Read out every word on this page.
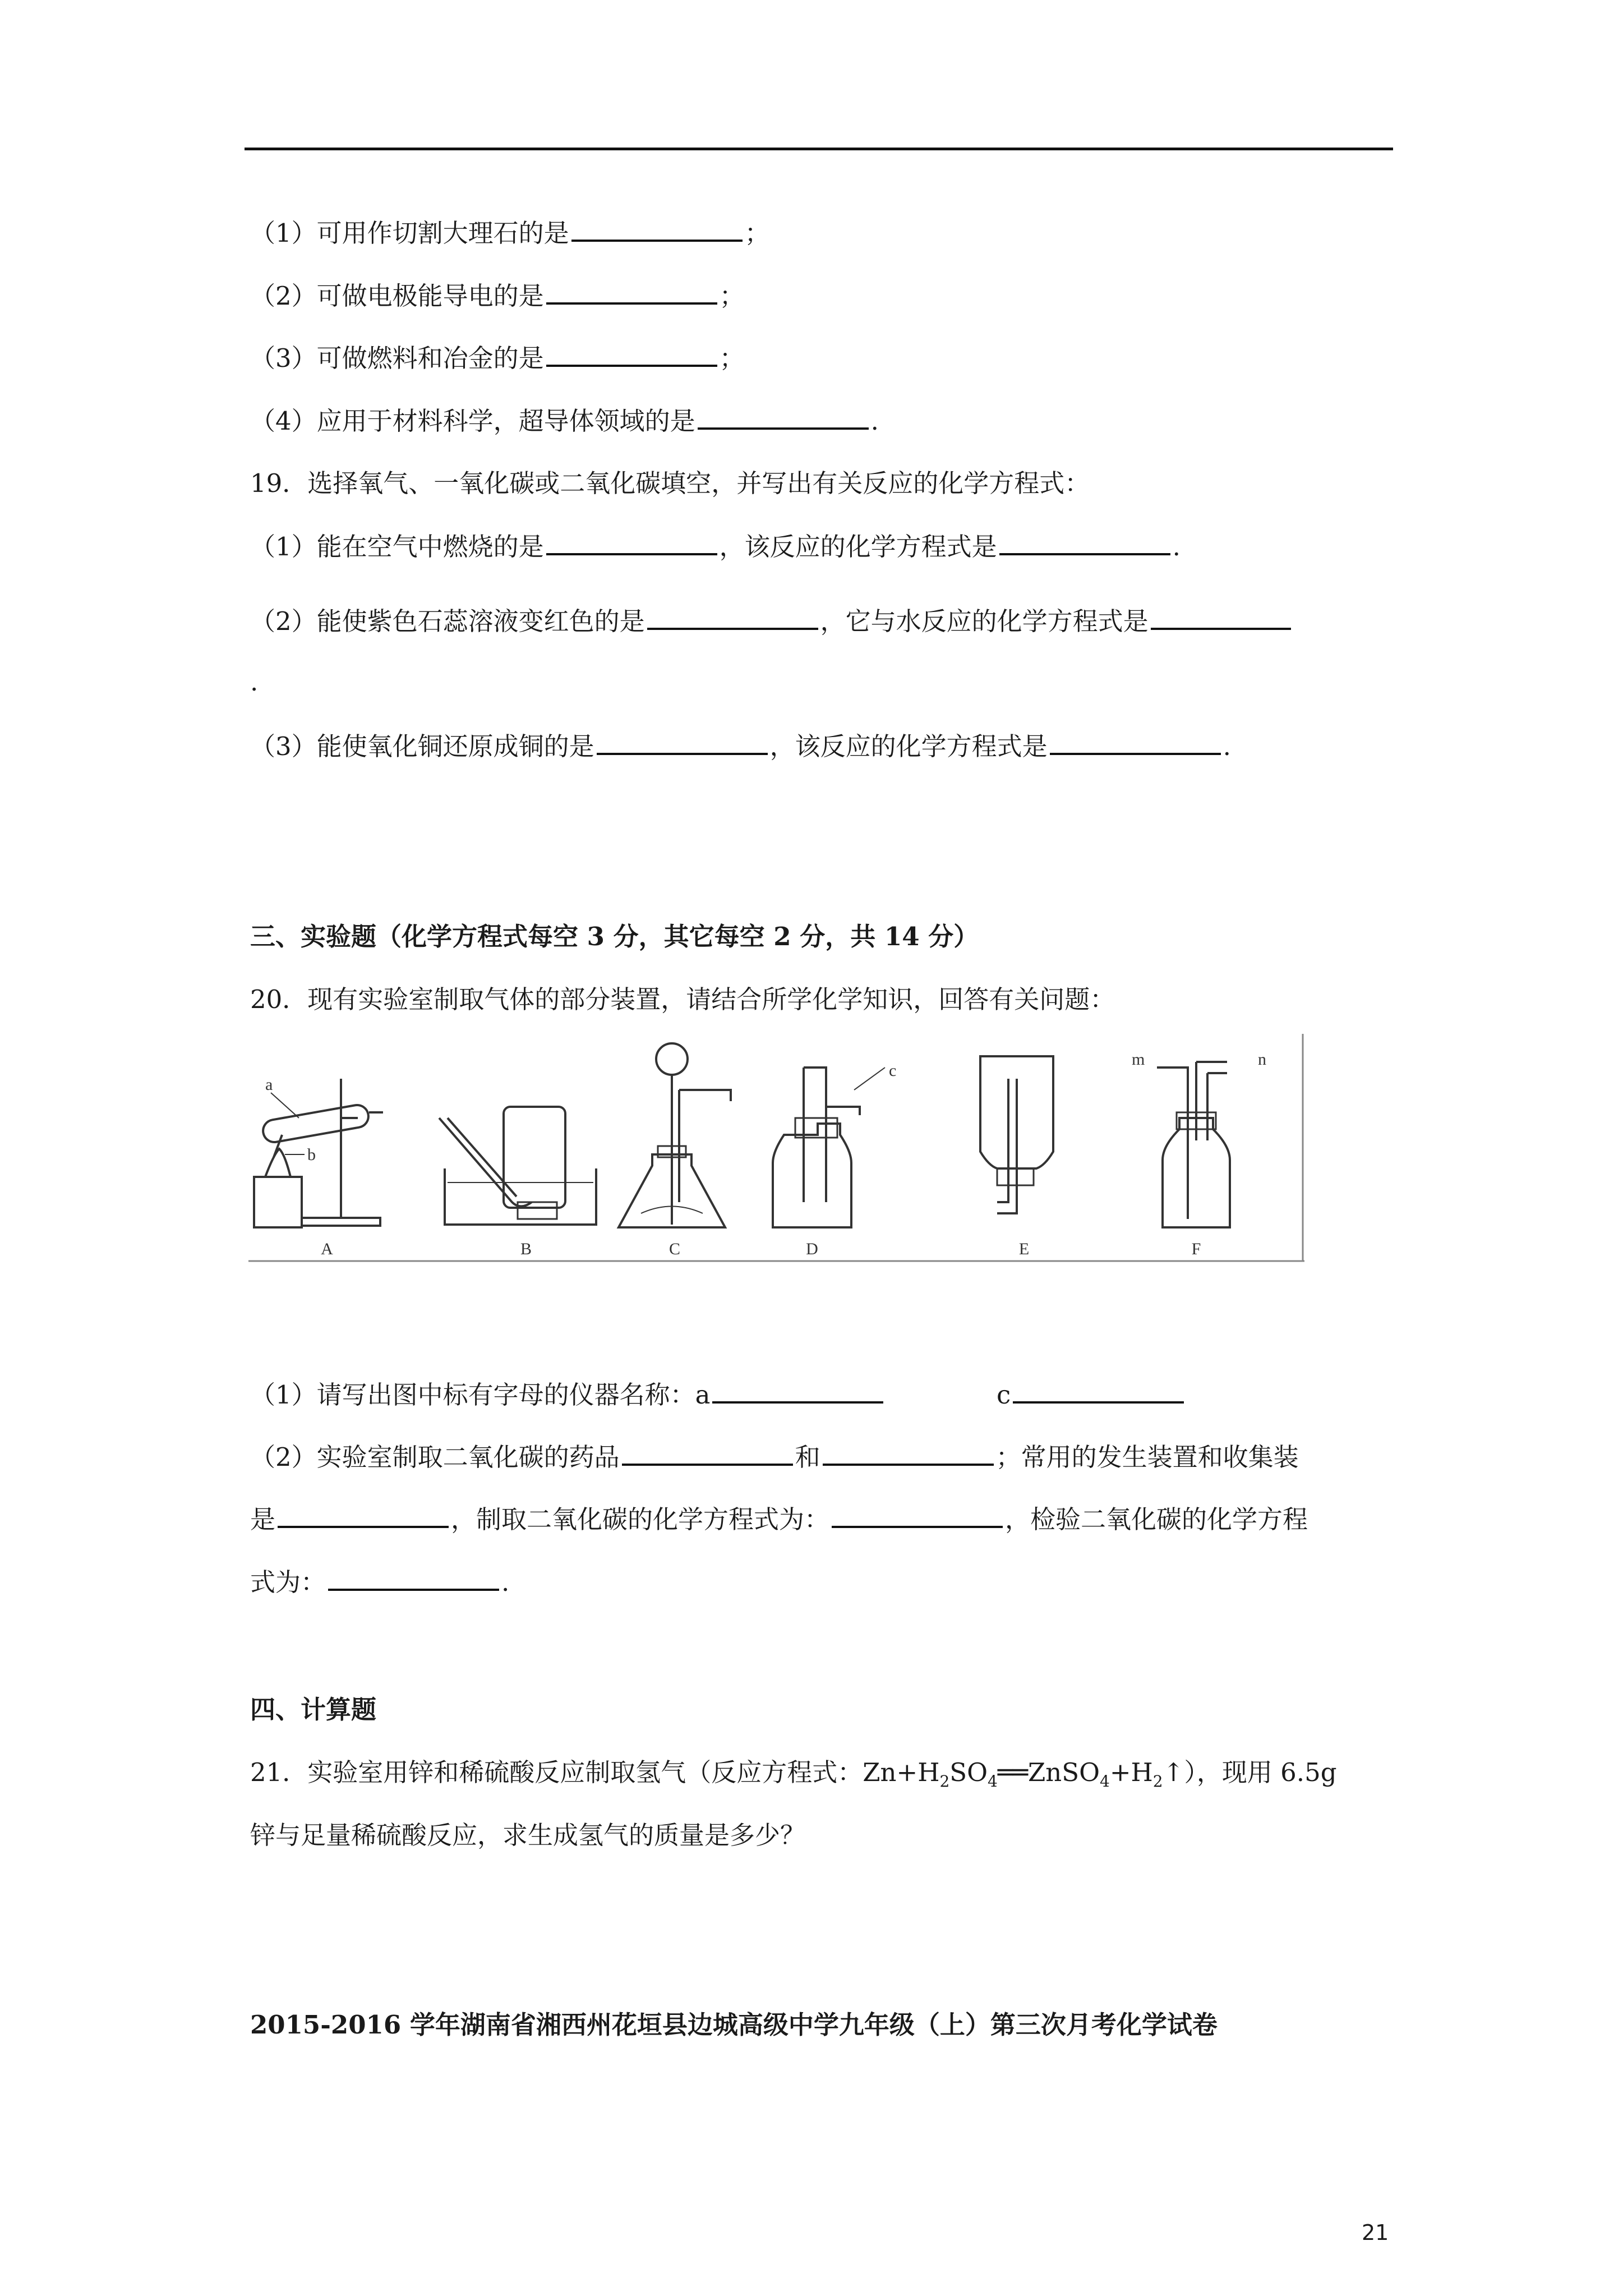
（1）可用作切割大理石的是	；
（2）可做电极能导电的是	；
（3）可做燃料和冶金的是	；
（4）应用于材料科学，超导体领域的是	.
19．选择氧气、一氧化碳或二氧化碳填空，并写出有关反应的化学方程式：
（1）能在空气中燃烧的是	，该反应的化学方程式是	.
（2）能使紫色石蕊溶液变红色的是	，它与水反应的化学方程式是
.
（3）能使氧化铜还原成铜的是	，该反应的化学方程式是	.
三、实验题（化学方程式每空 3 分，其它每空 2 分，共 14 分）
20．现有实验室制取气体的部分装置，请结合所学化学知识，回答有关问题：
a
b
c
m	n
A	B	C	D	E	F
（1）请写出图中标有字母的仪器名称：a	c
（2）实验室制取二氧化碳的药品	和	；常用的发生装置和收集装
是	，制取二氧化碳的化学方程式为：	，检验二氧化碳的化学方程
式为：	.
四、计算题
21．实验室用锌和稀硫酸反应制取氢气（反应方程式：$Zn+H_2SO_4══ZnSO_4+H_2↑$），现用 6.5g
锌与足量稀硫酸反应，求生成氢气的质量是多少？
2015-2016 学年湖南省湘西州花垣县边城高级中学九年级（上）第三次月考化学试卷
21
